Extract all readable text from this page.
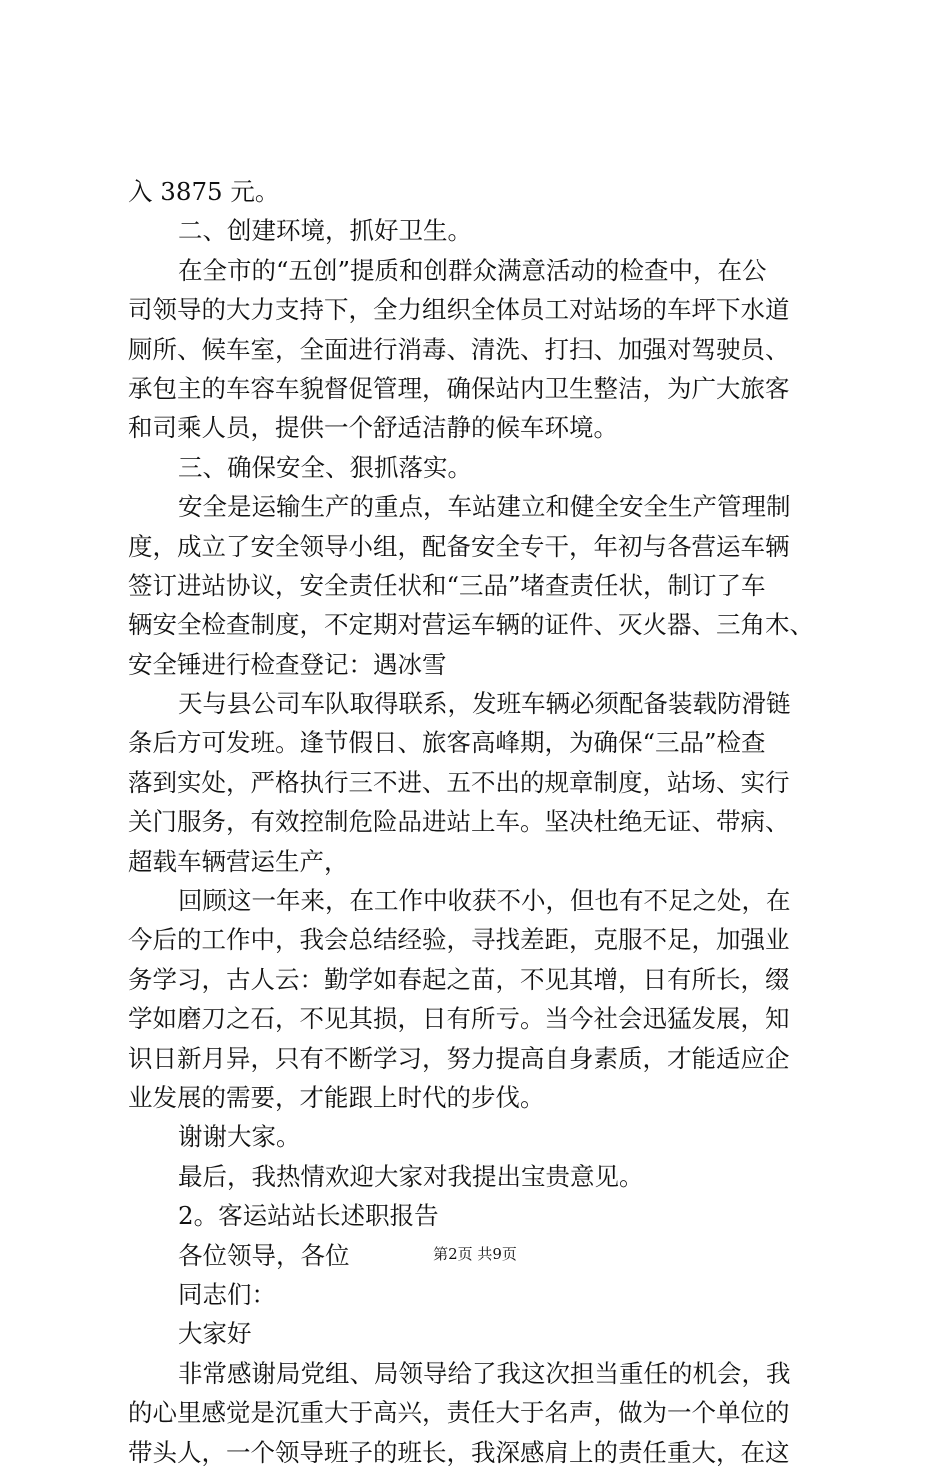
入 3875 元。
二、创建环境，抓好卫生。
在全市的“五创”提质和创群众满意活动的检查中，在公
司领导的大力支持下，全力组织全体员工对站场的车坪下水道
厕所、候车室，全面进行消毒、清洗、打扫、加强对驾驶员、
承包主的车容车貌督促管理，确保站内卫生整洁，为广大旅客
和司乘人员，提供一个舒适洁静的候车环境。
三、确保安全、狠抓落实。
安全是运输生产的重点，车站建立和健全安全生产管理制
度，成立了安全领导小组，配备安全专干，年初与各营运车辆
签订进站协议，安全责任状和“三品”堵查责任状，制订了车
辆安全检查制度，不定期对营运车辆的证件、灭火器、三角木、
安全锤进行检查登记：遇冰雪
天与县公司车队取得联系，发班车辆必须配备装载防滑链
条后方可发班。逢节假日、旅客高峰期，为确保“三品”检查
落到实处，严格执行三不进、五不出的规章制度，站场、实行
关门服务，有效控制危险品进站上车。坚决杜绝无证、带病、
超载车辆营运生产，
回顾这一年来，在工作中收获不小，但也有不足之处，在
今后的工作中，我会总结经验，寻找差距，克服不足，加强业
务学习，古人云：勤学如春起之苗，不见其增，日有所长，缀
学如磨刀之石，不见其损，日有所亏。当今社会迅猛发展，知
识日新月异，只有不断学习，努力提高自身素质，才能适应企
业发展的需要，才能跟上时代的步伐。
谢谢大家。
最后，我热情欢迎大家对我提出宝贵意见。
2。客运站站长述职报告
各位领导，各位
同志们：
大家好
非常感谢局党组、局领导给了我这次担当重任的机会，我
的心里感觉是沉重大于高兴，责任大于名声，做为一个单位的
带头人，一个领导班子的班长，我深感肩上的责任重大，在这
第2页 共9页
